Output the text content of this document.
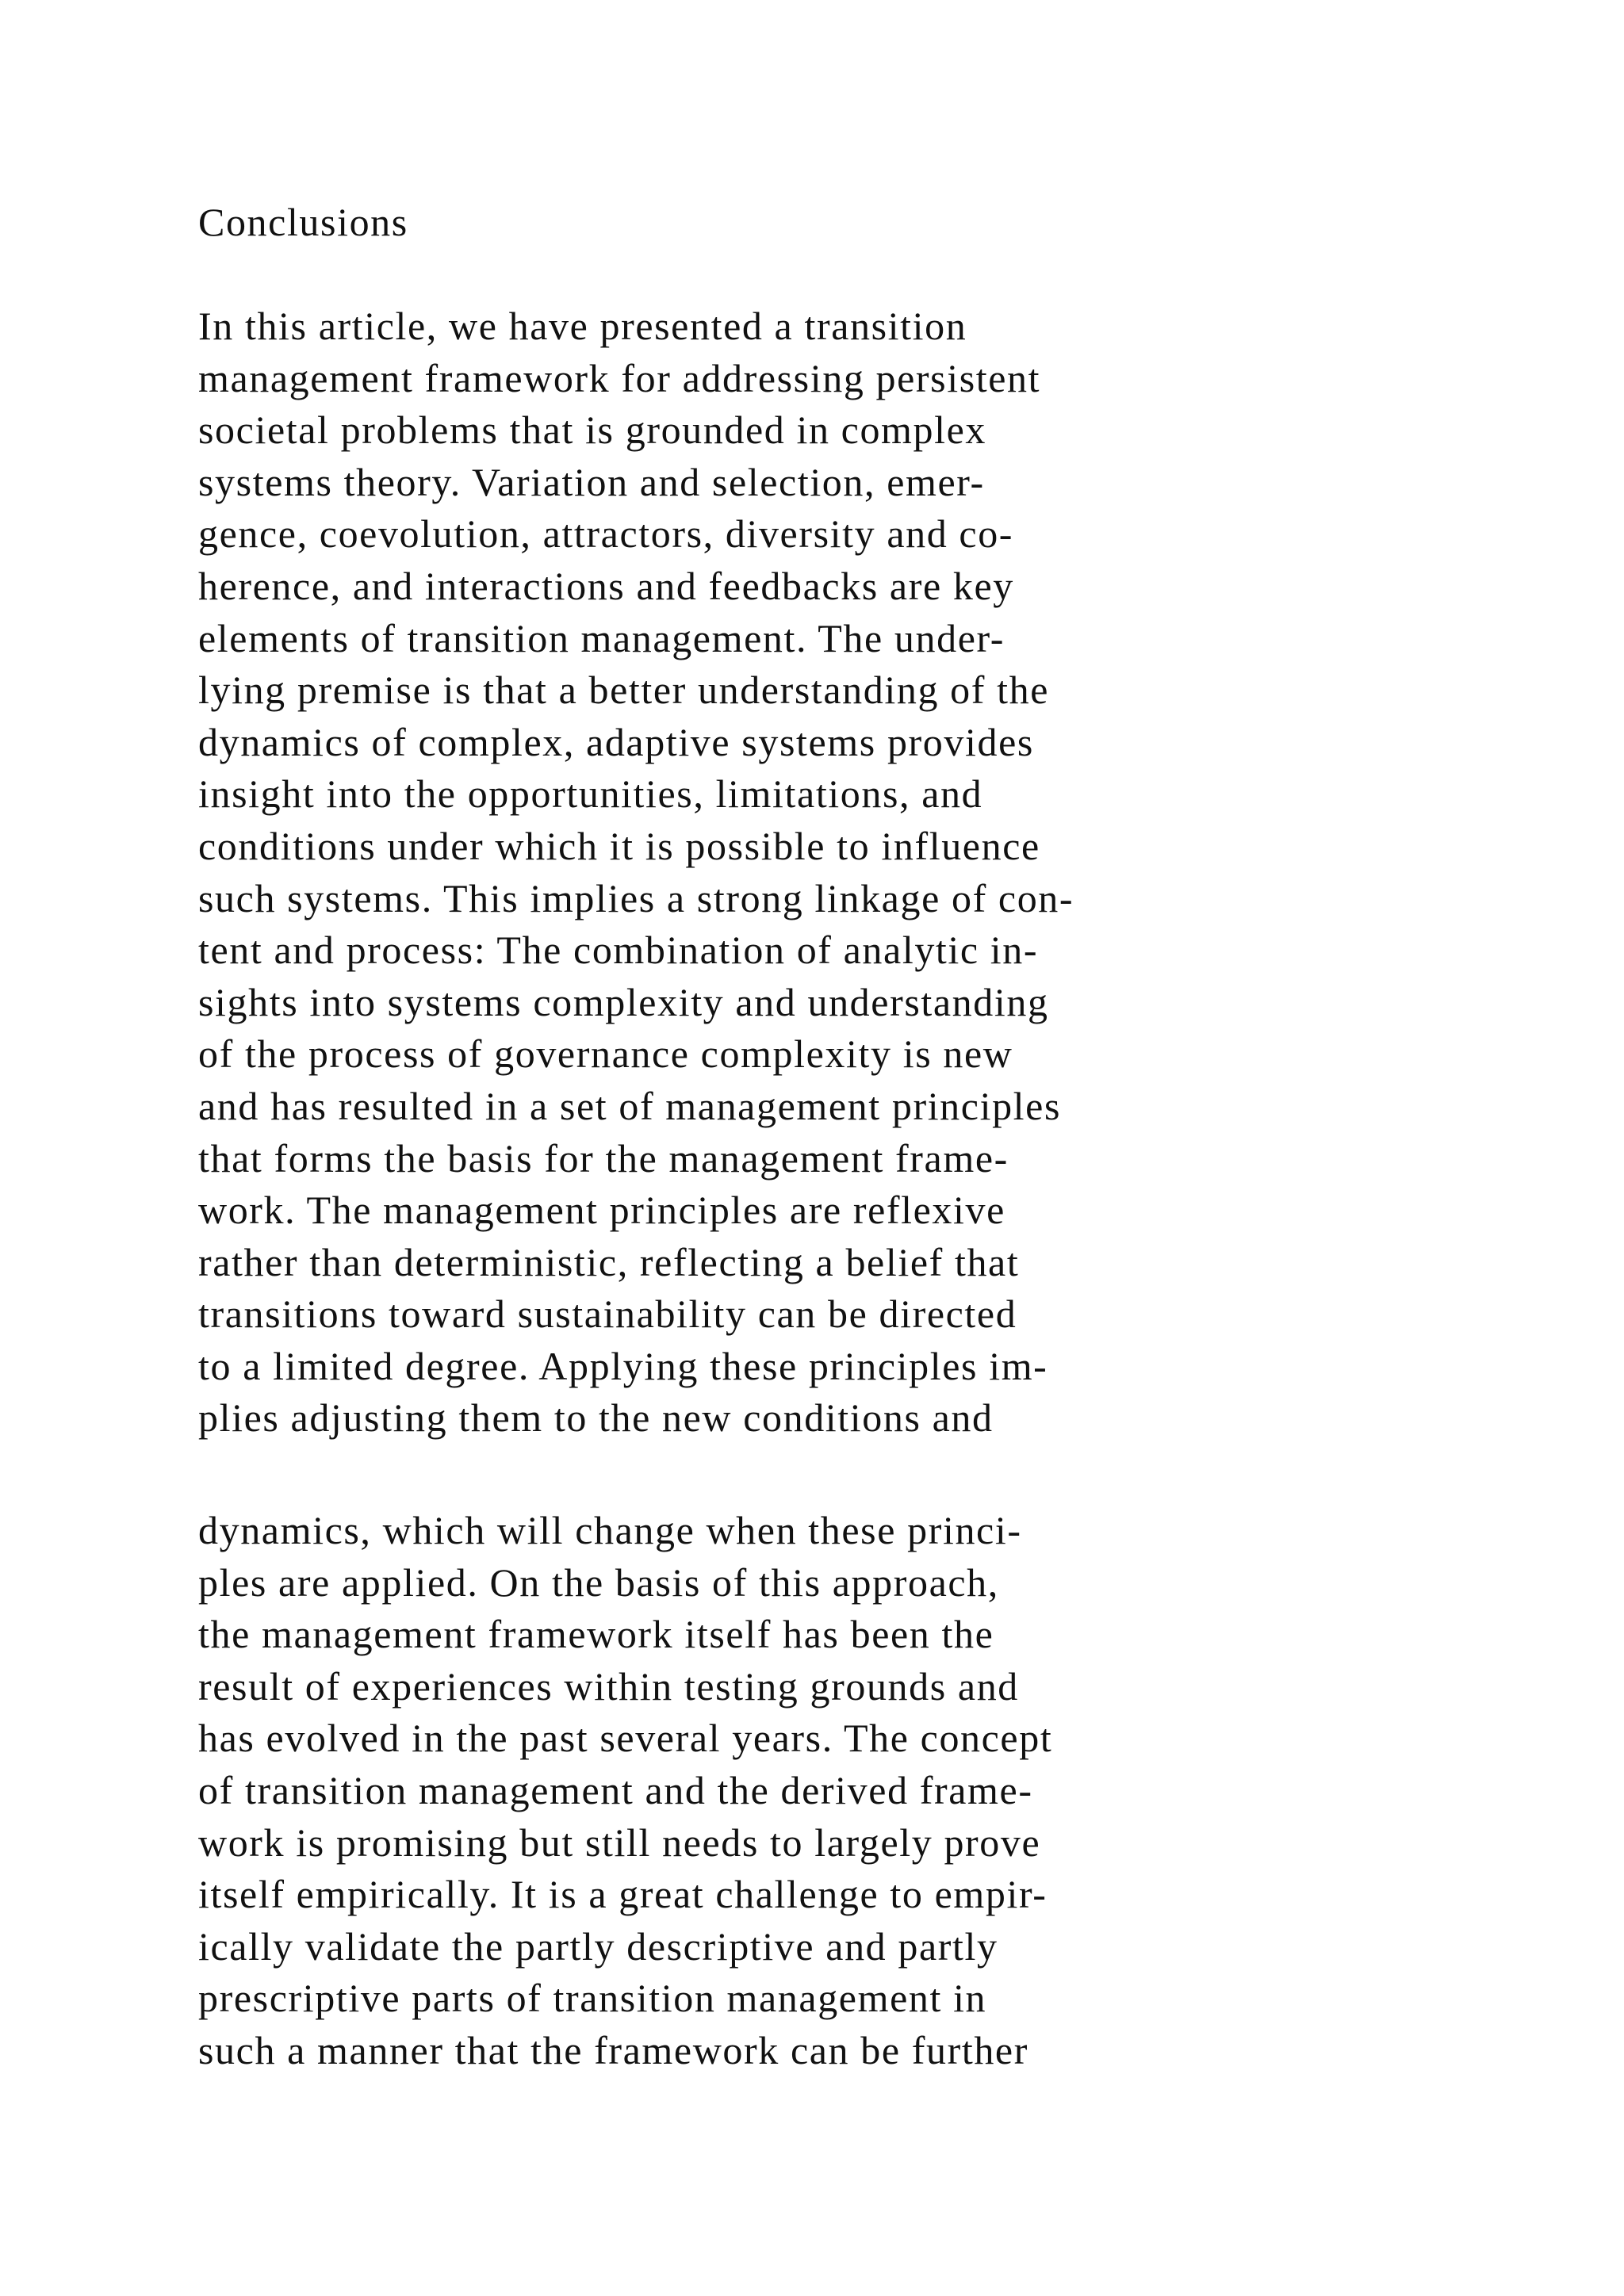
Conclusions

In this article, we have presented a transition
management framework for addressing persistent
societal problems that is grounded in complex
systems theory. Variation and selection, emer-
gence, coevolution, attractors, diversity and co-
herence, and interactions and feedbacks are key
elements of transition management. The under-
lying premise is that a better understanding of the
dynamics of complex, adaptive systems provides
insight into the opportunities, limitations, and
conditions under which it is possible to influence
such systems. This implies a strong linkage of con-
tent and process: The combination of analytic in-
sights into systems complexity and understanding
of the process of governance complexity is new
and has resulted in a set of management principles
that forms the basis for the management frame-
work. The management principles are reflexive
rather than deterministic, reflecting a belief that
transitions toward sustainability can be directed
to a limited degree. Applying these principles im-
plies adjusting them to the new conditions and

dynamics, which will change when these princi-
ples are applied. On the basis of this approach,
the management framework itself has been the
result of experiences within testing grounds and
has evolved in the past several years. The concept
of transition management and the derived frame-
work is promising but still needs to largely prove
itself empirically. It is a great challenge to empir-
ically validate the partly descriptive and partly
prescriptive parts of transition management in
such a manner that the framework can be further
